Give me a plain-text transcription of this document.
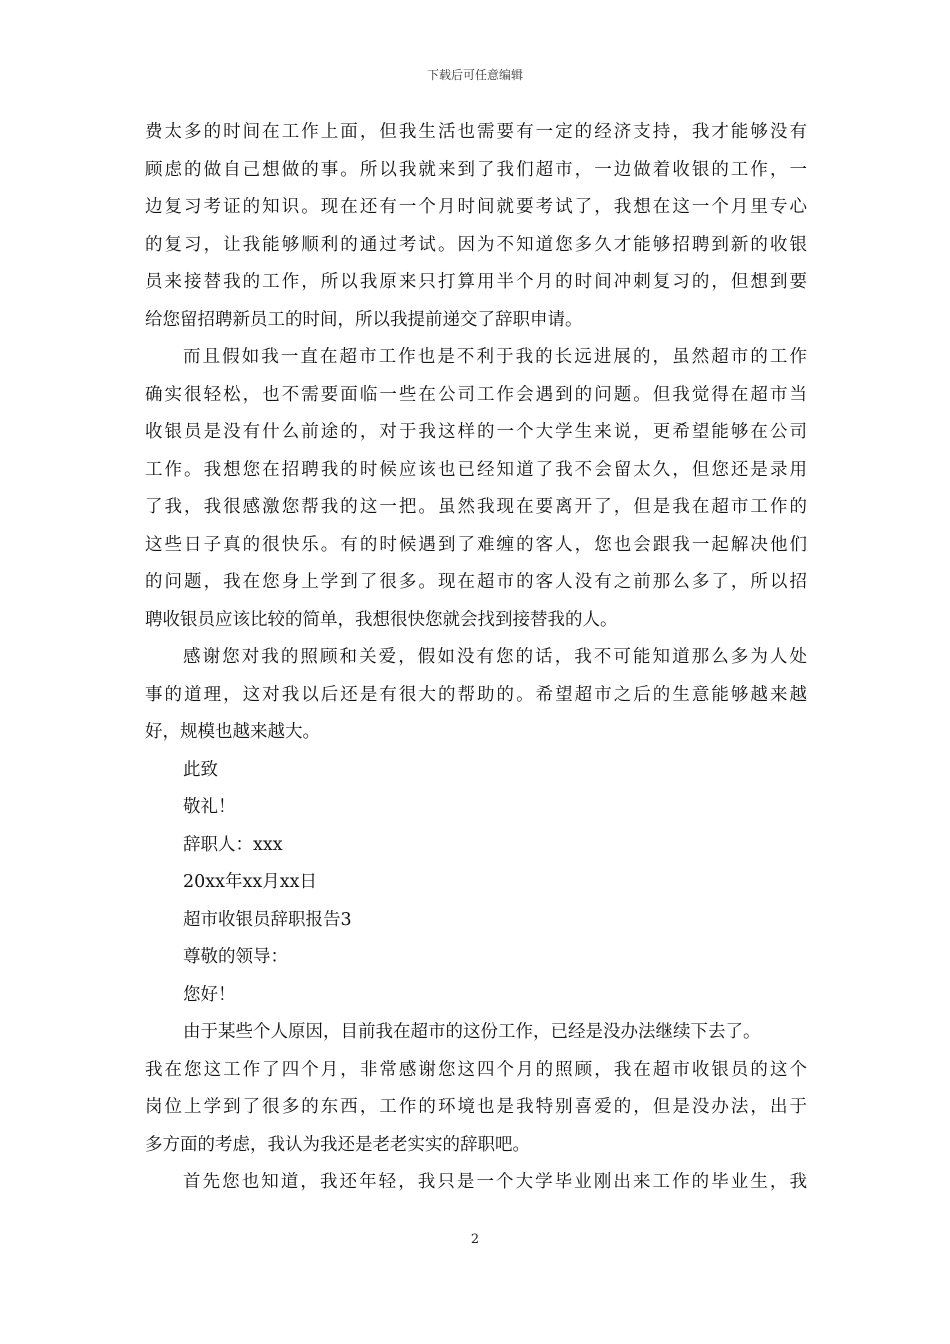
下载后可任意编辑
费太多的时间在工作上面，但我生活也需要有一定的经济支持，我才能够没有
顾虑的做自己想做的事。所以我就来到了我们超市，一边做着收银的工作，一
边复习考证的知识。现在还有一个月时间就要考试了，我想在这一个月里专心
的复习，让我能够顺利的通过考试。因为不知道您多久才能够招聘到新的收银
员来接替我的工作，所以我原来只打算用半个月的时间冲刺复习的，但想到要
给您留招聘新员工的时间，所以我提前递交了辞职申请。
而且假如我一直在超市工作也是不利于我的长远进展的，虽然超市的工作
确实很轻松，也不需要面临一些在公司工作会遇到的问题。但我觉得在超市当
收银员是没有什么前途的，对于我这样的一个大学生来说，更希望能够在公司
工作。我想您在招聘我的时候应该也已经知道了我不会留太久，但您还是录用
了我，我很感激您帮我的这一把。虽然我现在要离开了，但是我在超市工作的
这些日子真的很快乐。有的时候遇到了难缠的客人，您也会跟我一起解决他们
的问题，我在您身上学到了很多。现在超市的客人没有之前那么多了，所以招
聘收银员应该比较的简单，我想很快您就会找到接替我的人。
感谢您对我的照顾和关爱，假如没有您的话，我不可能知道那么多为人处
事的道理，这对我以后还是有很大的帮助的。希望超市之后的生意能够越来越
好，规模也越来越大。
此致
敬礼！
辞职人：xxx
20xx年xx月xx日
超市收银员辞职报告3
尊敬的领导：
您好！
由于某些个人原因，目前我在超市的这份工作，已经是没办法继续下去了。
我在您这工作了四个月，非常感谢您这四个月的照顾，我在超市收银员的这个
岗位上学到了很多的东西，工作的环境也是我特别喜爱的，但是没办法，出于
多方面的考虑，我认为我还是老老实实的辞职吧。
首先您也知道，我还年轻，我只是一个大学毕业刚出来工作的毕业生，我
2
